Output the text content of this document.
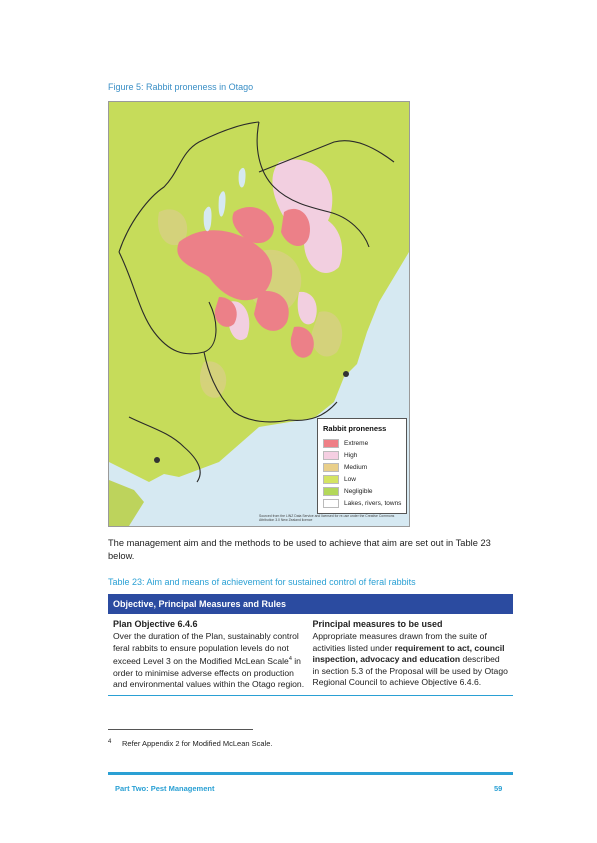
Figure 5: Rabbit proneness in Otago
Rabbit proneness
Extreme
High
Medium
Low
Negligible
Lakes, rivers, towns
Sourced from the LINZ Data Service and licensed for re-use under the Creative Commons Attribution 3.0 New Zealand licence
The management aim and the methods to be used to achieve that aim are set out in Table 23 below.
Table 23: Aim and means of achievement for sustained control of feral rabbits
Objective, Principal Measures and Rules
Plan Objective 6.4.6
Over the duration of the Plan, sustainably control feral rabbits to ensure population levels do not exceed Level 3 on the Modified McLean Scale$^4$ in order to minimise adverse effects on production and environmental values within the Otago region.
Principal measures to be used
Appropriate measures drawn from the suite of activities listed under requirement to act, council inspection, advocacy and education described in section 5.3 of the Proposal will be used by Otago Regional Council to achieve Objective 6.4.6.
4 Refer Appendix 2 for Modified McLean Scale.
Part Two: Pest Management	59
